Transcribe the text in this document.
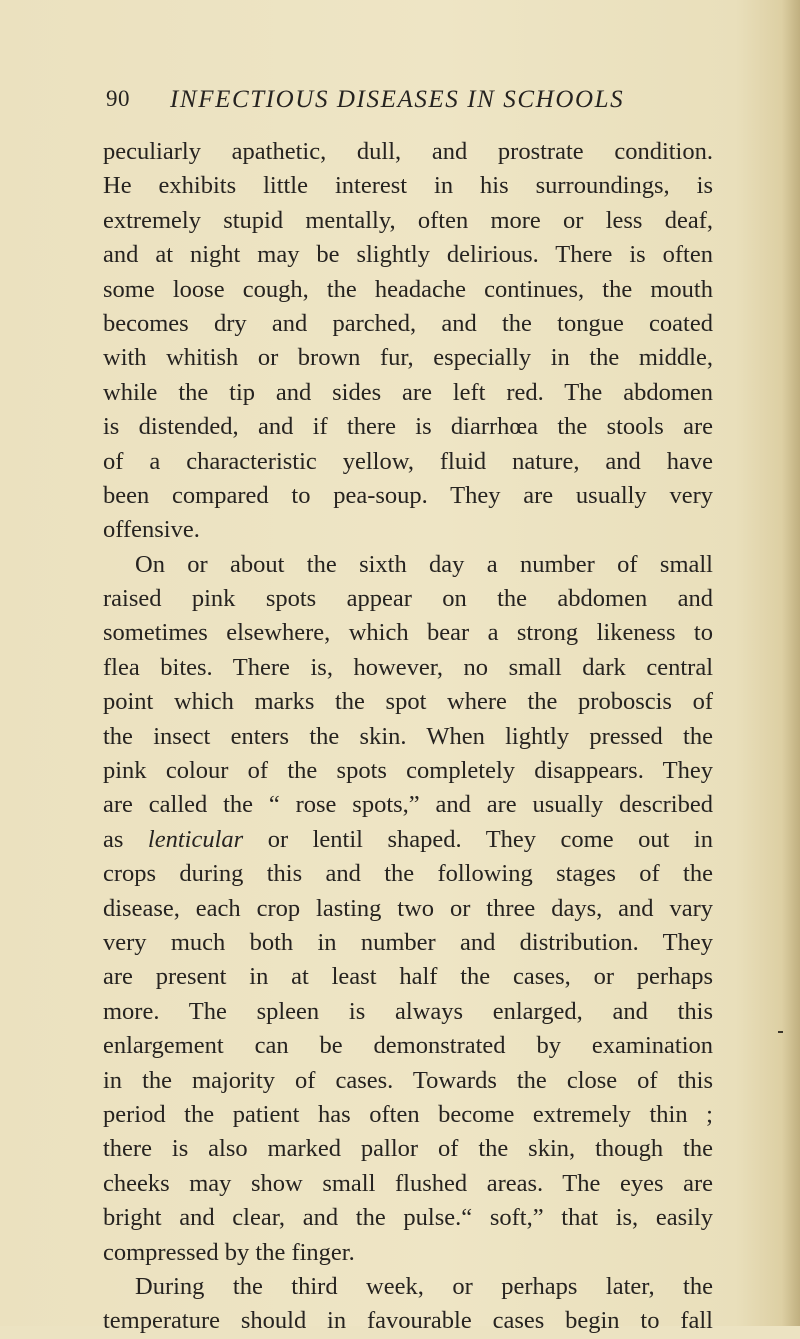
90 INFECTIOUS DISEASES IN SCHOOLS
peculiarly apathetic, dull, and prostrate condition.
He exhibits little interest in his surroundings, is
extremely stupid mentally, often more or less deaf,
and at night may be slightly delirious. There is often
some loose cough, the headache continues, the mouth
becomes dry and parched, and the tongue coated
with whitish or brown fur, especially in the middle,
while the tip and sides are left red. The abdomen
is distended, and if there is diarrhœa the stools are
of a characteristic yellow, fluid nature, and have
been compared to pea-soup. They are usually very
offensive.
On or about the sixth day a number of small
raised pink spots appear on the abdomen and
sometimes elsewhere, which bear a strong likeness to
flea bites. There is, however, no small dark central
point which marks the spot where the proboscis of
the insect enters the skin. When lightly pressed the
pink colour of the spots completely disappears. They
are called the “ rose spots,” and are usually described
as lenticular or lentil shaped. They come out in
crops during this and the following stages of the
disease, each crop lasting two or three days, and vary
very much both in number and distribution. They
are present in at least half the cases, or perhaps
more. The spleen is always enlarged, and this
enlargement can be demonstrated by examination
in the majority of cases. Towards the close of this
period the patient has often become extremely thin ;
there is also marked pallor of the skin, though the
cheeks may show small flushed areas. The eyes are
bright and clear, and the pulse.“ soft,” that is, easily
compressed by the finger.
During the third week, or perhaps later, the
temperature should in favourable cases begin to fall
